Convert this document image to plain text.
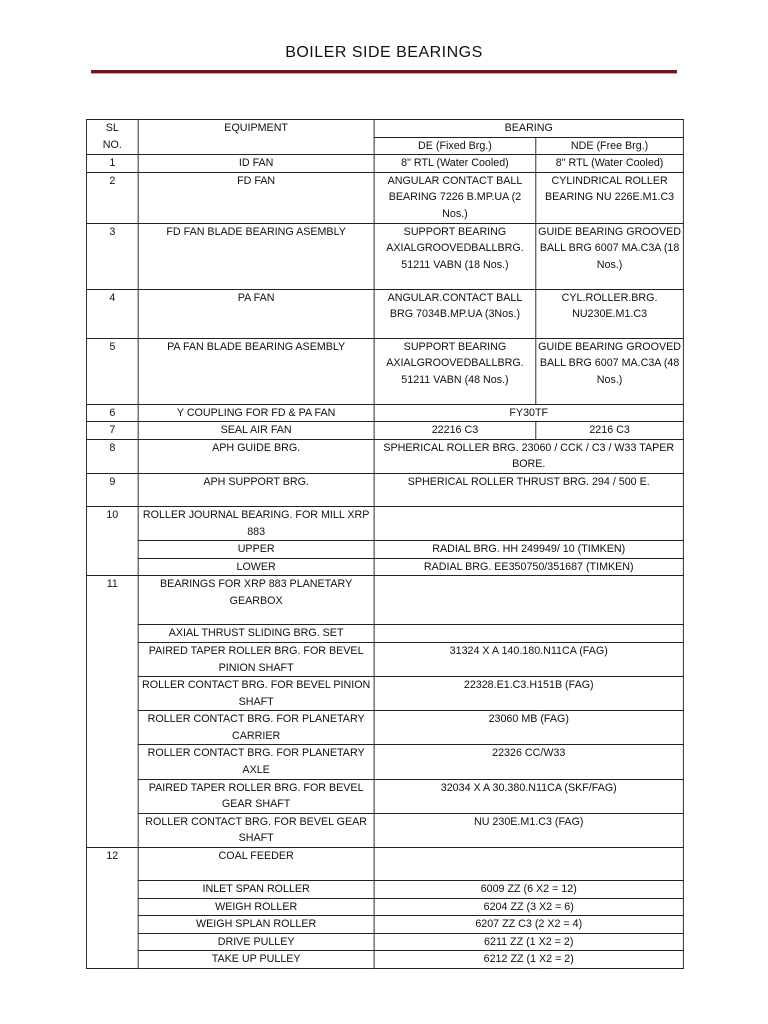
BOILER SIDE BEARINGS
SL
NO.	EQUIPMENT	BEARING	
		DE (Fixed Brg.)	NDE (Free Brg.)
1	ID FAN	8" RTL (Water Cooled)	8" RTL (Water Cooled)
2	FD FAN	ANGULAR CONTACT BALL BEARING 7226 B.MP.UA (2 Nos.)	CYLINDRICAL ROLLER BEARING NU 226E.M1.C3
3	FD FAN BLADE BEARING ASEMBLY	SUPPORT BEARING AXIALGROOVEDBALLBRG. 51211 VABN (18 Nos.)	GUIDE BEARING GROOVED BALL BRG 6007 MA.C3A (18 Nos.)
4	PA FAN	ANGULAR.CONTACT BALL BRG 7034B.MP.UA (3Nos.)	CYL.ROLLER.BRG. NU230E.M1.C3
5	PA FAN BLADE BEARING ASEMBLY	SUPPORT BEARING AXIALGROOVEDBALLBRG. 51211 VABN (48 Nos.)	GUIDE BEARING GROOVED BALL BRG 6007 MA.C3A (48 Nos.)
6	Y COUPLING FOR FD & PA FAN	FY30TF	
7	SEAL AIR FAN	22216 C3	2216 C3
8	APH GUIDE BRG.	SPHERICAL ROLLER BRG. 23060 / CCK / C3 / W33 TAPER BORE.	
9	APH SUPPORT BRG.	SPHERICAL ROLLER THRUST BRG. 294 / 500 E.	
10	ROLLER JOURNAL BEARING. FOR MILL XRP 883		
	UPPER	RADIAL BRG. HH 249949/ 10 (TIMKEN)	
	LOWER	RADIAL BRG. EE350750/351687 (TIMKEN)	
11	BEARINGS FOR XRP 883 PLANETARY GEARBOX		
	AXIAL THRUST SLIDING BRG. SET		
	PAIRED TAPER ROLLER BRG. FOR BEVEL PINION SHAFT	31324 X A 140.180.N11CA (FAG)	
	ROLLER CONTACT BRG. FOR BEVEL PINION SHAFT	22328.E1.C3.H151B (FAG)	
	ROLLER CONTACT BRG. FOR PLANETARY CARRIER	23060 MB (FAG)	
	ROLLER CONTACT BRG. FOR PLANETARY AXLE	22326 CC/W33	
	PAIRED TAPER ROLLER BRG. FOR BEVEL GEAR SHAFT	32034 X A 30.380.N11CA (SKF/FAG)	
	ROLLER CONTACT BRG. FOR BEVEL GEAR SHAFT	NU 230E.M1.C3 (FAG)	
12	COAL FEEDER		
	INLET SPAN ROLLER	6009 ZZ (6 X2 = 12)	
	WEIGH ROLLER	6204 ZZ (3 X2 = 6)	
	WEIGH SPLAN ROLLER	6207 ZZ C3 (2 X2 = 4)	
	DRIVE PULLEY	6211 ZZ (1 X2 = 2)	
	TAKE UP PULLEY	6212 ZZ (1 X2 = 2)	
